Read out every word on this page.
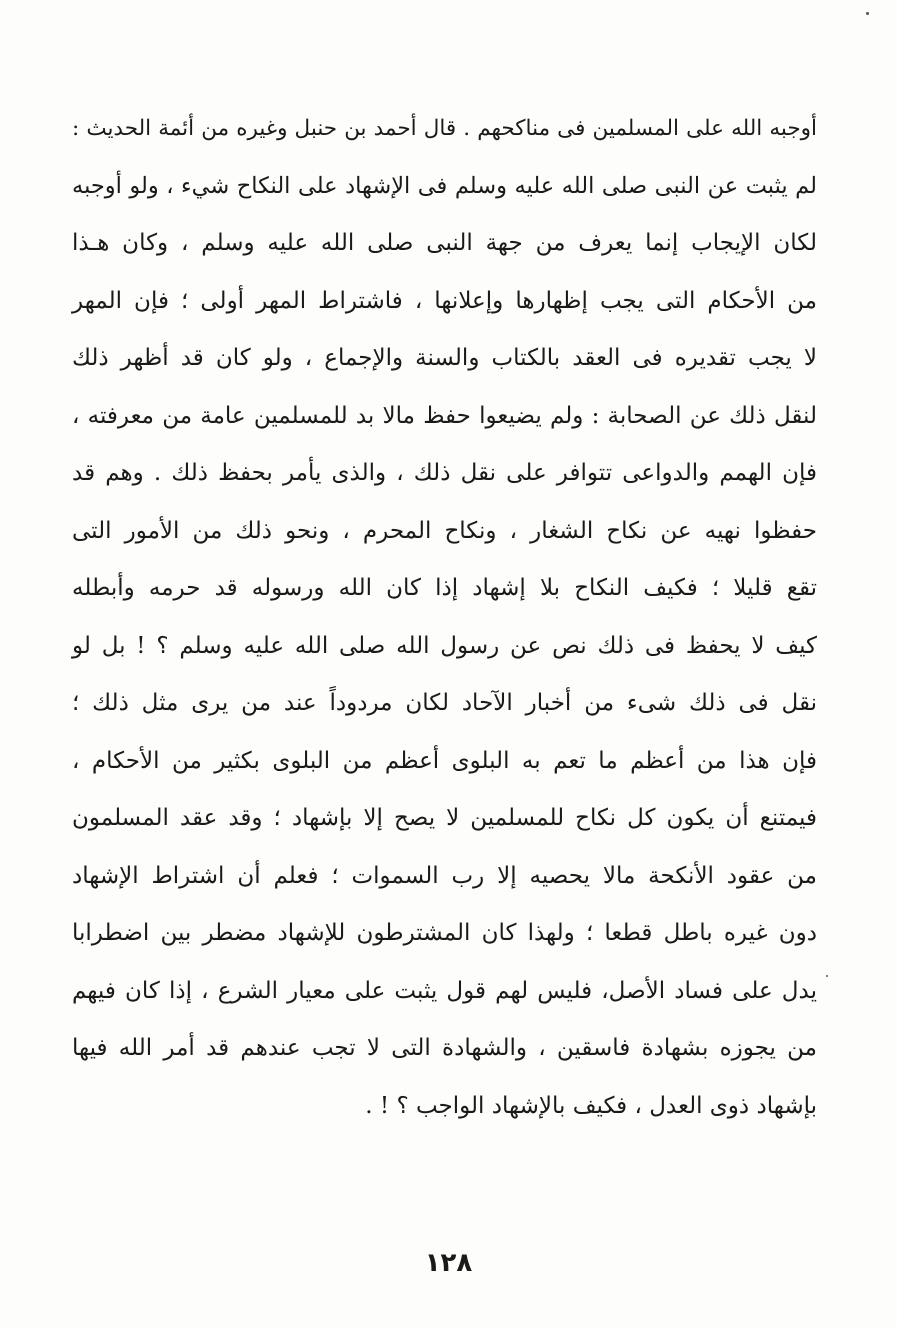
أوجبه الله على المسلمين فى مناكحهم . قال أحمد بن حنبل وغيره من أئمة الحديث :
لم يثبت عن النبى صلى الله عليه وسلم فى الإشهاد على النكاح شيء ، ولو أوجبه
لكان الإيجاب إنما يعرف من جهة النبى صلى الله عليه وسلم ، وكان هـذا
من الأحكام التى يجب إظهارها وإعلانها ، فاشتراط المهر أولى ؛ فإن المهر
لا يجب تقديره فى العقد بالكتاب والسنة والإجماع ، ولو كان قد أظهر ذلك
لنقل ذلك عن الصحابة : ولم يضيعوا حفظ مالا بد للمسلمين عامة من معرفته ،
فإن الهمم والدواعى تتوافر على نقل ذلك ، والذى يأمر بحفظ ذلك . وهم قد
حفظوا نهيه عن نكاح الشغار ، ونكاح المحرم ، ونحو ذلك من الأمور التى
تقع قليلا ؛ فكيف النكاح بلا إشهاد إذا كان الله ورسوله قد حرمه وأبطله
كيف لا يحفظ فى ذلك نص عن رسول الله صلى الله عليه وسلم ؟ ! بل لو
نقل فى ذلك شىء من أخبار الآحاد لكان مردوداً عند من يرى مثل ذلك ؛
فإن هذا من أعظم ما تعم به البلوى أعظم من البلوى بكثير من الأحكام ،
فيمتنع أن يكون كل نكاح للمسلمين لا يصح إلا بإشهاد ؛ وقد عقد المسلمون
من عقود الأنكحة مالا يحصيه إلا رب السموات ؛ فعلم أن اشتراط الإشهاد
دون غيره باطل قطعا ؛ ولهذا كان المشترطون للإشهاد مضطر بين اضطرابا
يدل على فساد الأصل، فليس لهم قول يثبت على معيار الشرع ، إذا كان فيهم
من يجوزه بشهادة فاسقين ، والشهادة التى لا تجب عندهم قد أمر الله فيها
بإشهاد ذوى العدل ، فكيف بالإشهاد الواجب ؟ ! .
١٢٨
